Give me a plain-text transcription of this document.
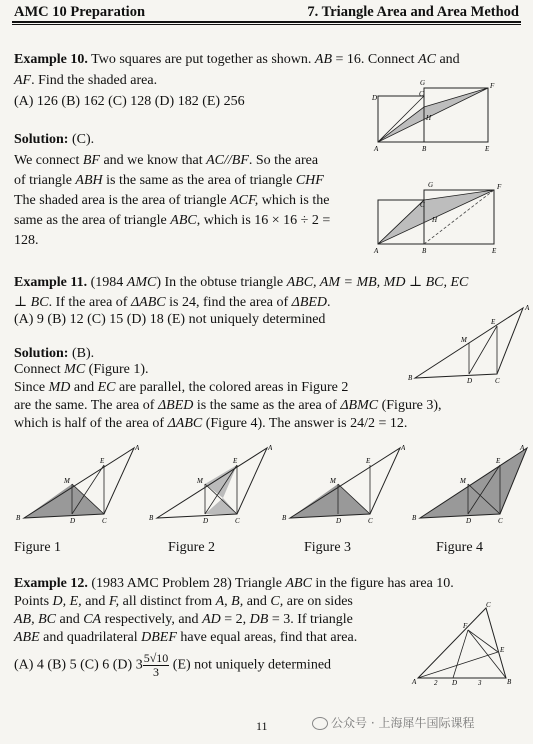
AMC 10 Preparation	7. Triangle Area and Area Method
Example 10. Two squares are put together as shown. AB = 16. Connect AC and
AF. Find the shaded area.
(A) 126 (B) 162 (C) 128 (D) 182 (E) 256
Solution: (C).
We connect BF and we know that AC//BF. So the area
of triangle ABH is the same as the area of triangle CHF
The shaded area is the area of triangle ACF, which is the
same as the area of triangle ABC, which is 16 × 16 ÷ 2 =
128.
D
G
C
F
H
A	B	E
G	F
H
C
A	B	E
Example 11. (1984 AMC) In the obtuse triangle ABC, AM = MB, MD ⊥ BC, EC
⊥ BC. If the area of ΔABC is 24, find the area of ΔBED.
(A) 9 (B) 12 (C) 15 (D) 18 (E) not uniquely determined
Solution: (B).
Connect MC (Figure 1).
Since MD and EC are parallel, the colored areas in Figure 2
are the same. The area of ΔBED is the same as the area of ΔBMC (Figure 3),
which is half of the area of ΔABC (Figure 4). The answer is 24/2 = 12.
A
E
M
B	D	C
A
E
M
B	D	C
A
E
M
B	D	C
A
E
M
B	D	C
A
E
M
B	D	C
Figure 1	Figure 2	Figure 3	Figure 4
Example 12. (1983 AMC Problem 28) Triangle ABC in the figure has area 10.
Points D, E, and F, all distinct from A, B, and C, are on sides
AB, BC and CA respectively, and AD = 2, DB = 3. If triangle
ABE and quadrilateral DBEF have equal areas, find that area.
(A) 4 (B) 5 (C) 6 (D) $3 \frac{5√10}{3} (E)$ not uniquely determined
C
F
E
A	2 D	3	B
11	公众号 · 上海犀牛国际课程
